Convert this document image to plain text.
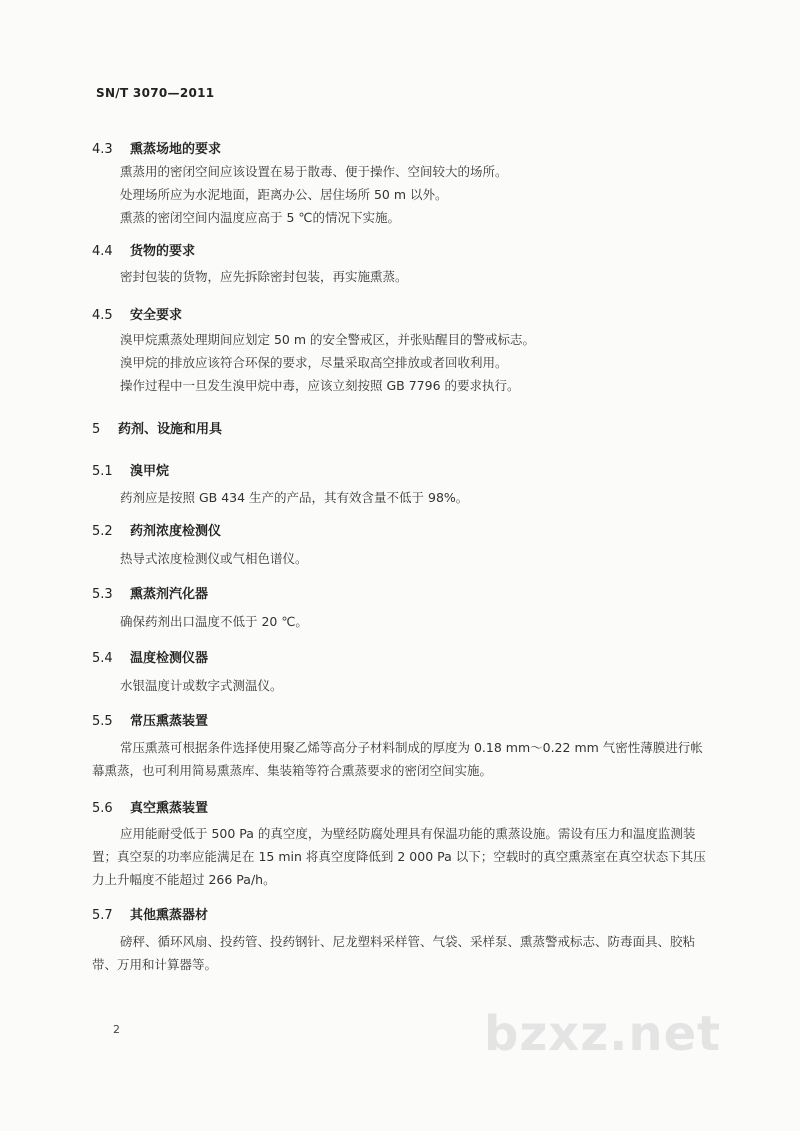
SN/T 3070—2011
4.3 熏蒸场地的要求
熏蒸用的密闭空间应该设置在易于散毒、便于操作、空间较大的场所。
处理场所应为水泥地面，距离办公、居住场所 50 m 以外。
熏蒸的密闭空间内温度应高于 5 ℃的情况下实施。
4.4 货物的要求
密封包装的货物，应先拆除密封包装，再实施熏蒸。
4.5 安全要求
溴甲烷熏蒸处理期间应划定 50 m 的安全警戒区，并张贴醒目的警戒标志。
溴甲烷的排放应该符合环保的要求，尽量采取高空排放或者回收利用。
操作过程中一旦发生溴甲烷中毒，应该立刻按照 GB 7796 的要求执行。
5 药剂、设施和用具
5.1 溴甲烷
药剂应是按照 GB 434 生产的产品，其有效含量不低于 98%。
5.2 药剂浓度检测仪
热导式浓度检测仪或气相色谱仪。
5.3 熏蒸剂汽化器
确保药剂出口温度不低于 20 ℃。
5.4 温度检测仪器
水银温度计或数字式测温仪。
5.5 常压熏蒸装置
常压熏蒸可根据条件选择使用聚乙烯等高分子材料制成的厚度为 0.18 mm～0.22 mm 气密性薄膜进行帐幕熏蒸，也可利用简易熏蒸库、集装箱等符合熏蒸要求的密闭空间实施。
5.6 真空熏蒸装置
应用能耐受低于 500 Pa 的真空度，为壁经防腐处理具有保温功能的熏蒸设施。需设有压力和温度监测装置；真空泵的功率应能满足在 15 min 将真空度降低到 2 000 Pa 以下；空载时的真空熏蒸室在真空状态下其压力上升幅度不能超过 266 Pa/h。
5.7 其他熏蒸器材
磅秤、循环风扇、投药管、投药钢针、尼龙塑料采样管、气袋、采样泵、熏蒸警戒标志、防毒面具、胶粘带、万用和计算器等。
2	bzxz.net
